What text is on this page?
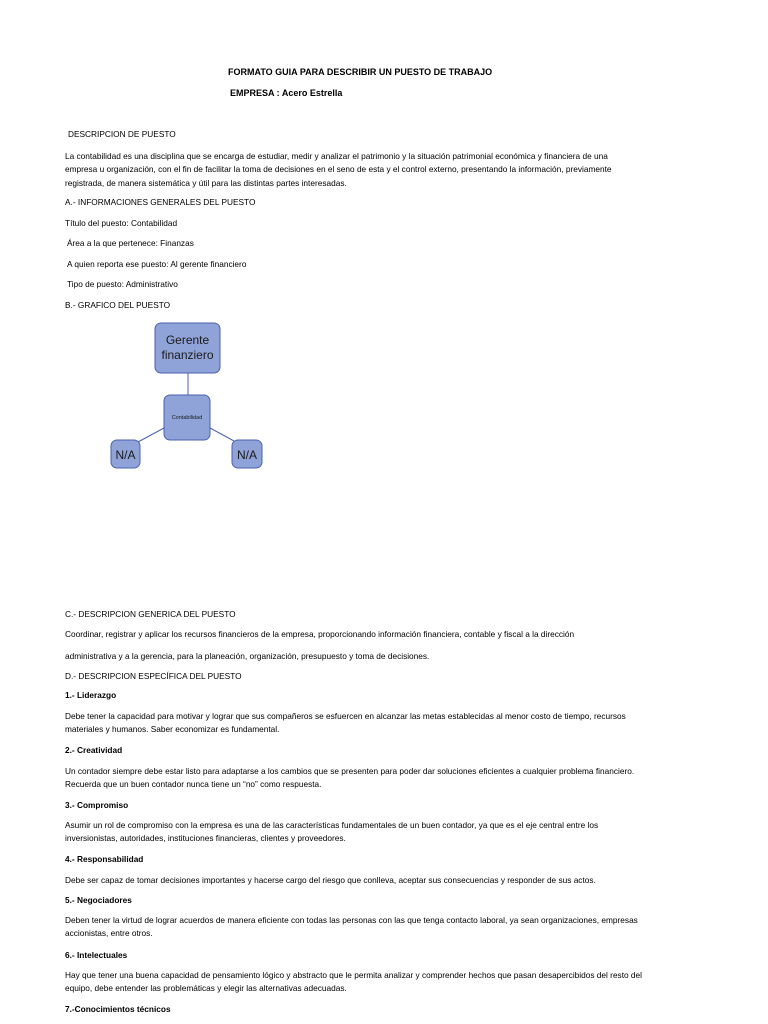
FORMATO GUIA PARA DESCRIBIR UN PUESTO DE TRABAJO
EMPRESA : Acero Estrella
DESCRIPCION DE PUESTO
La contabilidad es una disciplina que se encarga de estudiar, medir y analizar el patrimonio y la situación patrimonial económica y financiera de una
empresa u organización, con el fin de facilitar la toma de decisiones en el seno de esta y el control externo, presentando la información, previamente
registrada, de manera sistemática y útil para las distintas partes interesadas.
A.- INFORMACIONES GENERALES DEL PUESTO
Título del puesto: Contabilidad
Área a la que pertenece: Finanzas
A quien reporta ese puesto: Al gerente financiero
Tipo de puesto: Administrativo
B.- GRAFICO DEL PUESTO
Gerente
finanziero
Contabilidad
N/A	N/A
C.- DESCRIPCION GENERICA DEL PUESTO
Coordinar, registrar y aplicar los recursos financieros de la empresa, proporcionando información financiera, contable y fiscal a la dirección
administrativa y a la gerencia, para la planeación, organización, presupuesto y toma de decisiones.
D.- DESCRIPCION ESPECÍFICA DEL PUESTO
1.- Liderazgo
Debe tener la capacidad para motivar y lograr que sus compañeros se esfuercen en alcanzar las metas establecidas al menor costo de tiempo, recursos
materiales y humanos. Saber economizar es fundamental.
2.- Creatividad
Un contador siempre debe estar listo para adaptarse a los cambios que se presenten para poder dar soluciones eficientes a cualquier problema financiero.
Recuerda que un buen contador nunca tiene un “no” como respuesta.
3.- Compromiso
Asumir un rol de compromiso con la empresa es una de las características fundamentales de un buen contador, ya que es el eje central entre los
inversionistas, autoridades, instituciones financieras, clientes y proveedores.
4.- Responsabilidad
Debe ser capaz de tomar decisiones importantes y hacerse cargo del riesgo que conlleva, aceptar sus consecuencias y responder de sus actos.
5.- Negociadores
Deben tener la virtud de lograr acuerdos de manera eficiente con todas las personas con las que tenga contacto laboral, ya sean organizaciones, empresas
accionistas, entre otros.
6.- Intelectuales
Hay que tener una buena capacidad de pensamiento lógico y abstracto que le permita analizar y comprender hechos que pasan desapercibidos del resto del
equipo, debe entender las problemáticas y elegir las alternativas adecuadas.
7.-Conocimientos técnicos
